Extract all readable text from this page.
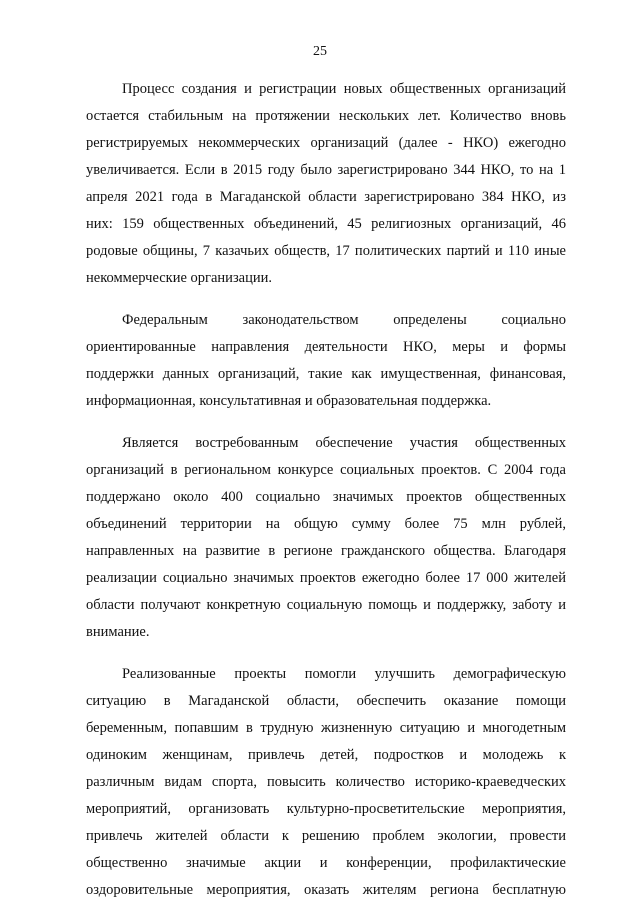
25

Процесс создания и регистрации новых общественных организаций
остается стабильным на протяжении нескольких лет. Количество вновь
регистрируемых некоммерческих организаций (далее - НКО) ежегодно
увеличивается. Если в 2015 году было зарегистрировано 344 НКО, то на 1
апреля 2021 года в Магаданской области зарегистрировано 384 НКО, из
них: 159 общественных объединений, 45 религиозных организаций, 46
родовые общины, 7 казачьих обществ, 17 политических партий и 110 иные
некоммерческие организации.

Федеральным законодательством определены социально
ориентированные направления деятельности НКО, меры и формы
поддержки данных организаций, такие как имущественная, финансовая,
информационная, консультативная и образовательная поддержка.

Является востребованным обеспечение участия общественных
организаций в региональном конкурсе социальных проектов. С 2004 года
поддержано около 400 социально значимых проектов общественных
объединений территории на общую сумму более 75 млн рублей,
направленных на развитие в регионе гражданского общества. Благодаря
реализации социально значимых проектов ежегодно более 17 000 жителей
области получают конкретную социальную помощь и поддержку, заботу и
внимание.

Реализованные проекты помогли улучшить демографическую
ситуацию в Магаданской области, обеспечить оказание помощи
беременным, попавшим в трудную жизненную ситуацию и многодетным
одиноким женщинам, привлечь детей, подростков и молодежь к
различным видам спорта, повысить количество историко-краеведческих
мероприятий, организовать культурно-просветительские мероприятия,
привлечь жителей области к решению проблем экологии, провести
общественно значимые акции и конференции, профилактические
оздоровительные мероприятия, оказать жителям региона бесплатную
